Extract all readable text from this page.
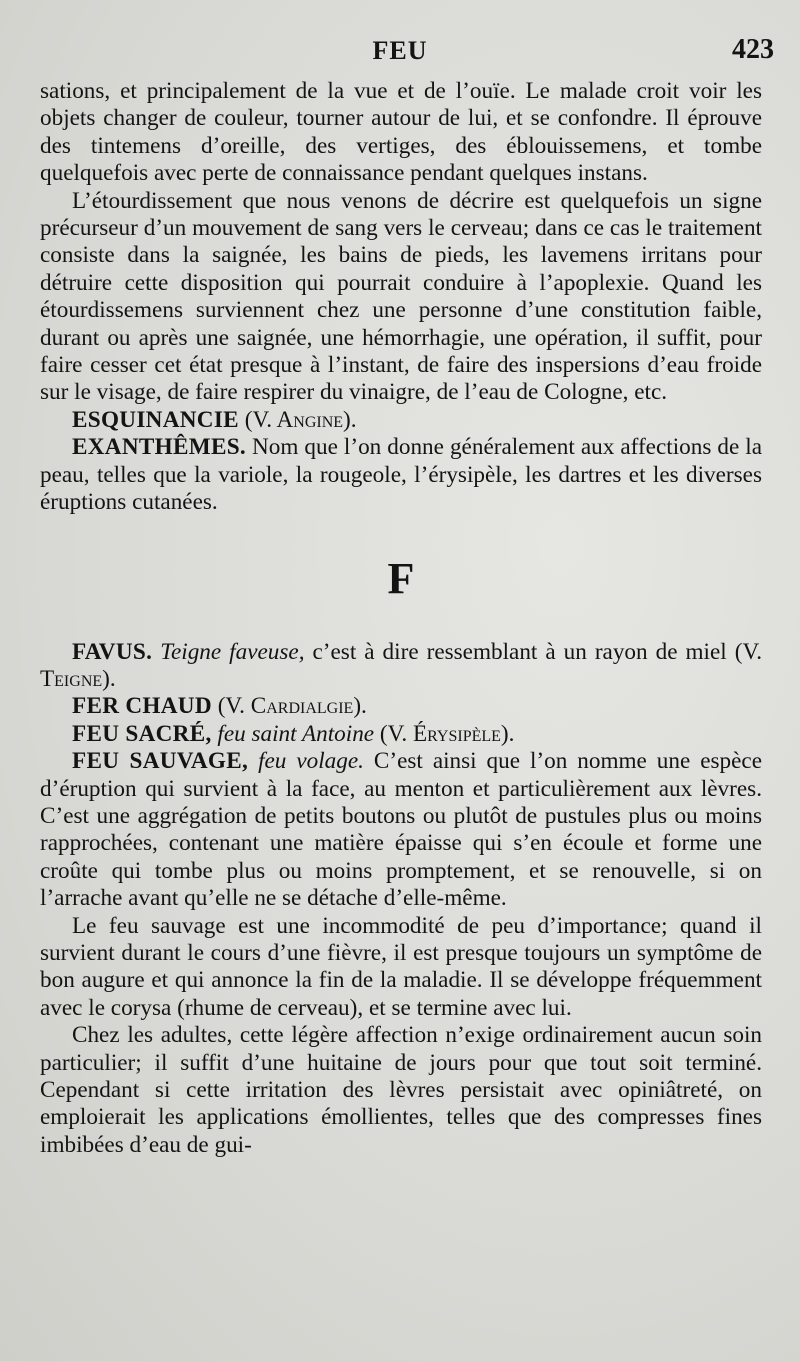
FEU	423

sations, et principalement de la vue et de l’ouïe. Le malade croit voir les objets changer de couleur, tourner autour de lui, et se confondre. Il éprouve des tintemens d’oreille, des vertiges, des éblouissemens, et tombe quelquefois avec perte de connaissance pendant quelques instans.

L’étourdissement que nous venons de décrire est quelquefois un signe précurseur d’un mouvement de sang vers le cerveau; dans ce cas le traitement consiste dans la saignée, les bains de pieds, les lavemens irritans pour détruire cette disposition qui pourrait conduire à l’apoplexie. Quand les étourdissemens surviennent chez une personne d’une constitution faible, durant ou après une saignée, une hémorrhagie, une opération, il suffit, pour faire cesser cet état presque à l’instant, de faire des inspersions d’eau froide sur le visage, de faire respirer du vinaigre, de l’eau de Cologne, etc.

ESQUINANCIE (V. Angine).

EXANTHÊMES. Nom que l’on donne généralement aux affections de la peau, telles que la variole, la rougeole, l’érysipèle, les dartres et les diverses éruptions cutanées.

F

FAVUS. Teigne faveuse, c’est à dire ressemblant à un rayon de miel (V. Teigne).

FER CHAUD (V. Cardialgie).

FEU SACRÉ, feu saint Antoine (V. Érysipèle).

FEU SAUVAGE, feu volage. C’est ainsi que l’on nomme une espèce d’éruption qui survient à la face, au menton et particulièrement aux lèvres. C’est une aggrégation de petits boutons ou plutôt de pustules plus ou moins rapprochées, contenant une matière épaisse qui s’en écoule et forme une croûte qui tombe plus ou moins promptement, et se renouvelle, si on l’arrache avant qu’elle ne se détache d’elle-même.

Le feu sauvage est une incommodité de peu d’importance; quand il survient durant le cours d’une fièvre, il est presque toujours un symptôme de bon augure et qui annonce la fin de la maladie. Il se développe fréquemment avec le corysa (rhume de cerveau), et se termine avec lui.

Chez les adultes, cette légère affection n’exige ordinairement aucun soin particulier; il suffit d’une huitaine de jours pour que tout soit terminé. Cependant si cette irritation des lèvres persistait avec opiniâtreté, on emploierait les applications émollientes, telles que des compresses fines imbibées d’eau de gui-
